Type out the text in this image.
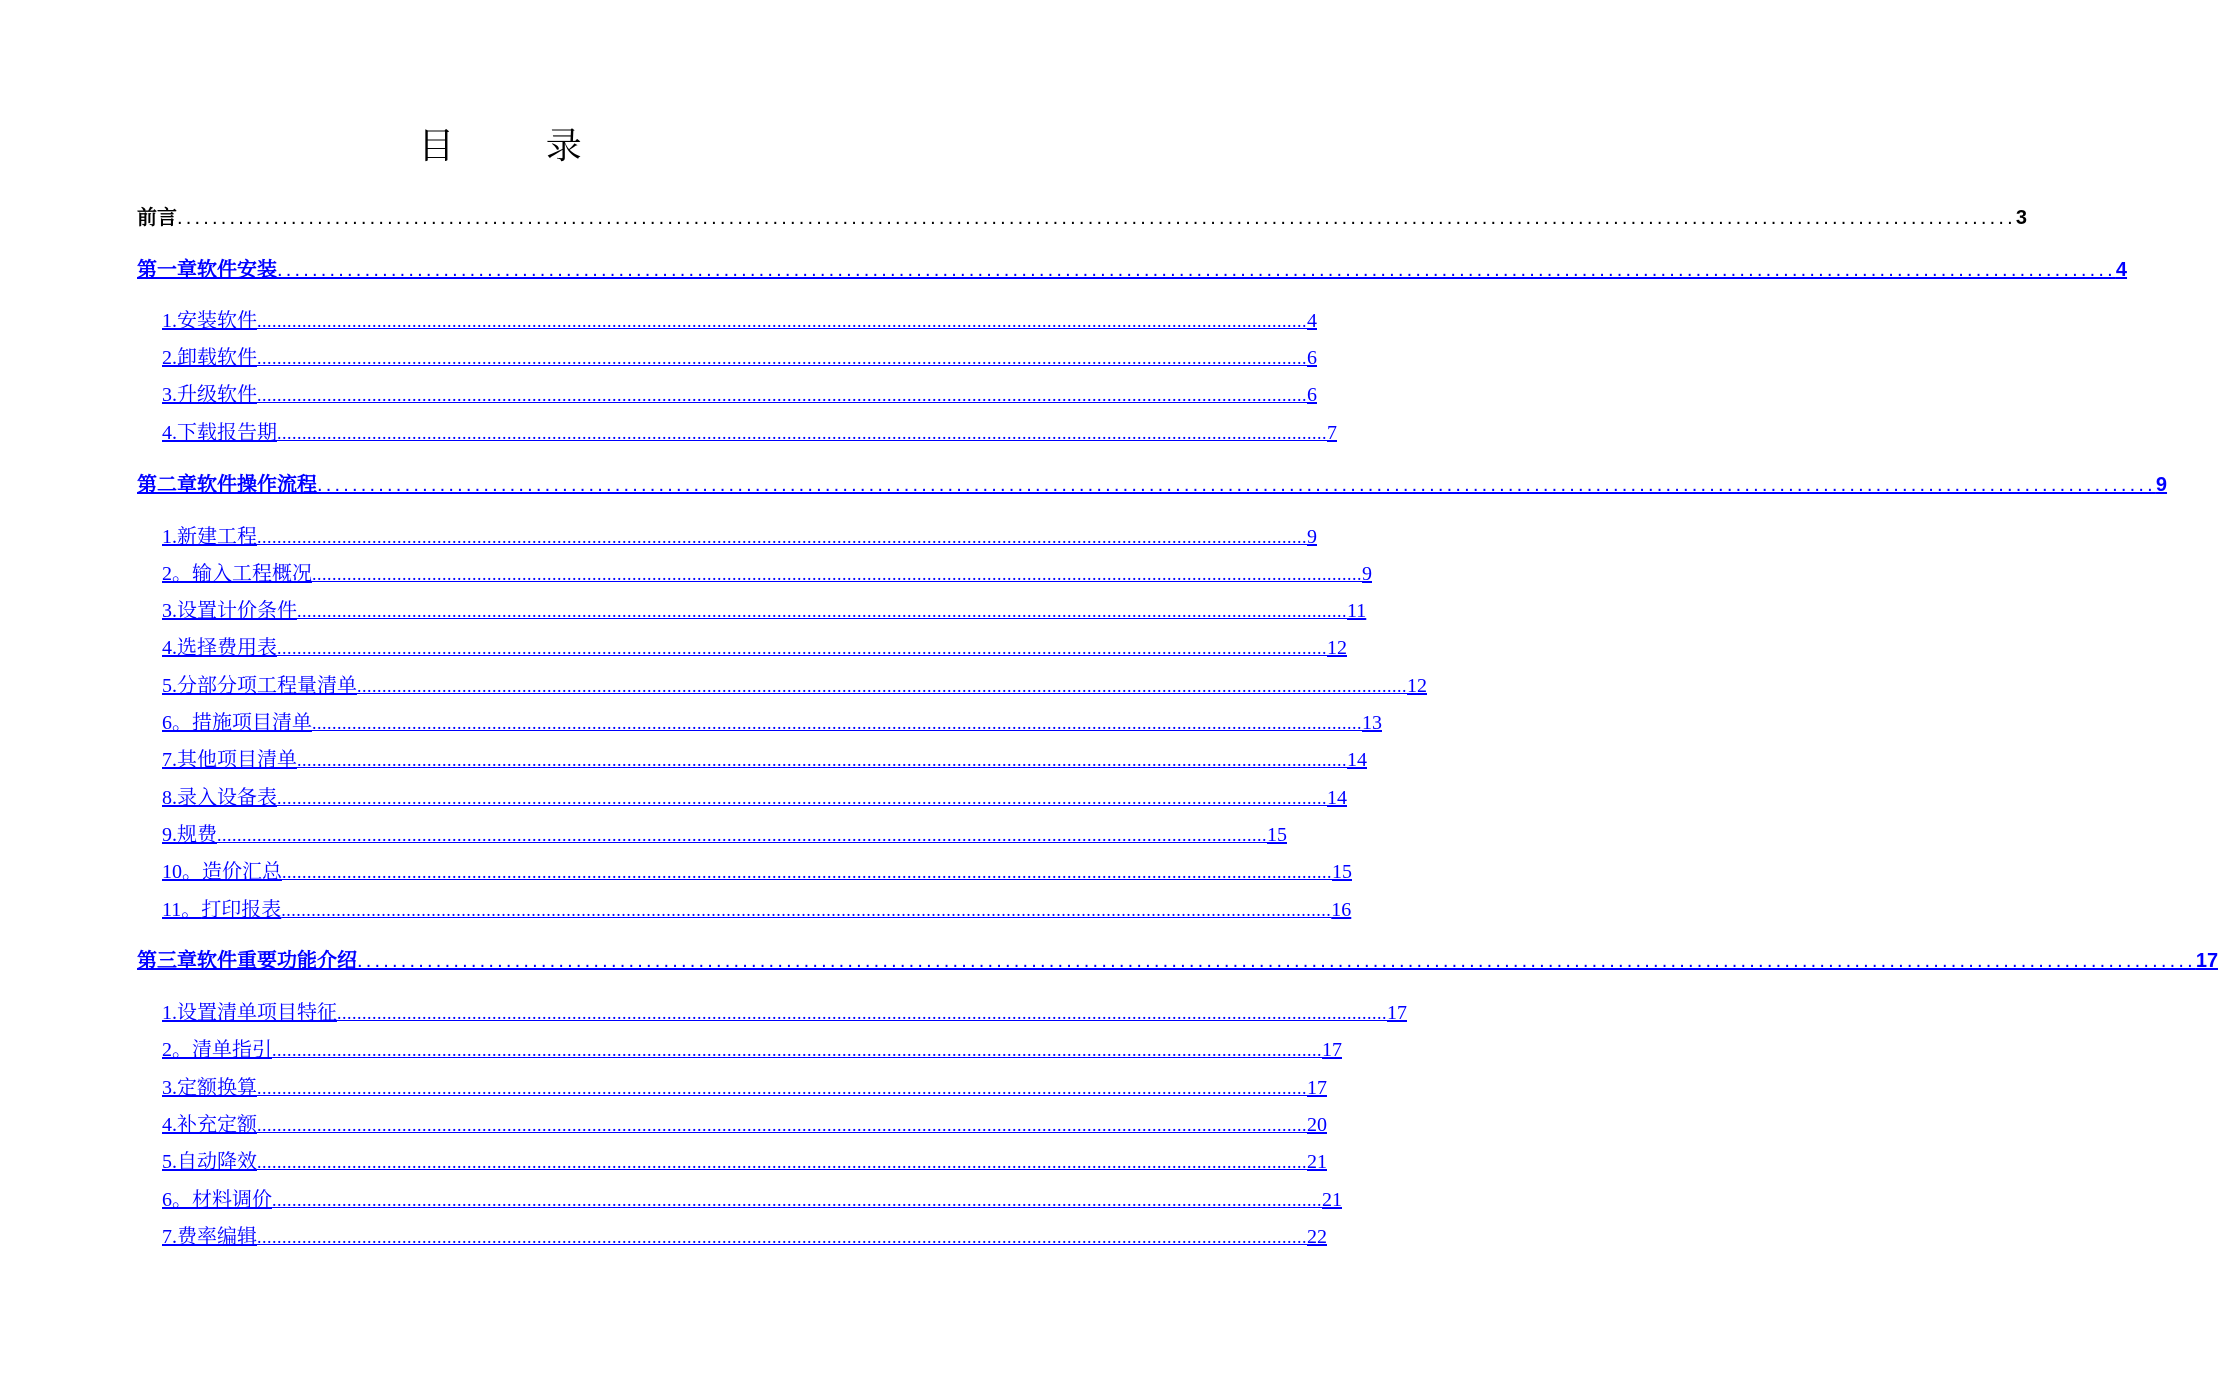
目 录
前言 .................................................................................................................................................................................................................. 3
第一章 软件安装 .................................................................................................................................................................................................................. 4
1. 安装软件 .................................................................................................................................................................................................................. 4
2. 卸载软件 .................................................................................................................................................................................................................. 6
3. 升级软件 .................................................................................................................................................................................................................. 6
4. 下载报告期 .................................................................................................................................................................................................................. 7
第二章 软件操作流程 .................................................................................................................................................................................................................. 9
1. 新建工程 .................................................................................................................................................................................................................. 9
2。 输入工程概况 .................................................................................................................................................................................................................. 9
3. 设置计价条件 .................................................................................................................................................................................................................. 11
4. 选择费用表 .................................................................................................................................................................................................................. 12
5. 分部分项工程量清单 .................................................................................................................................................................................................................. 12
6。 措施项目清单 .................................................................................................................................................................................................................. 13
7. 其他项目清单 .................................................................................................................................................................................................................. 14
8. 录入设备表 .................................................................................................................................................................................................................. 14
9. 规费 .................................................................................................................................................................................................................. 15
10。 造价汇总 .................................................................................................................................................................................................................. 15
11。 打印报表 .................................................................................................................................................................................................................. 16
第三章 软件重要功能介绍 .................................................................................................................................................................................................................. 17
1. 设置清单项目特征 .................................................................................................................................................................................................................. 17
2。 清单指引 .................................................................................................................................................................................................................. 17
3. 定额换算 .................................................................................................................................................................................................................. 17
4. 补充定额 .................................................................................................................................................................................................................. 20
5. 自动降效 .................................................................................................................................................................................................................. 21
6。 材料调价 .................................................................................................................................................................................................................. 21
7. 费率编辑 .................................................................................................................................................................................................................. 22
